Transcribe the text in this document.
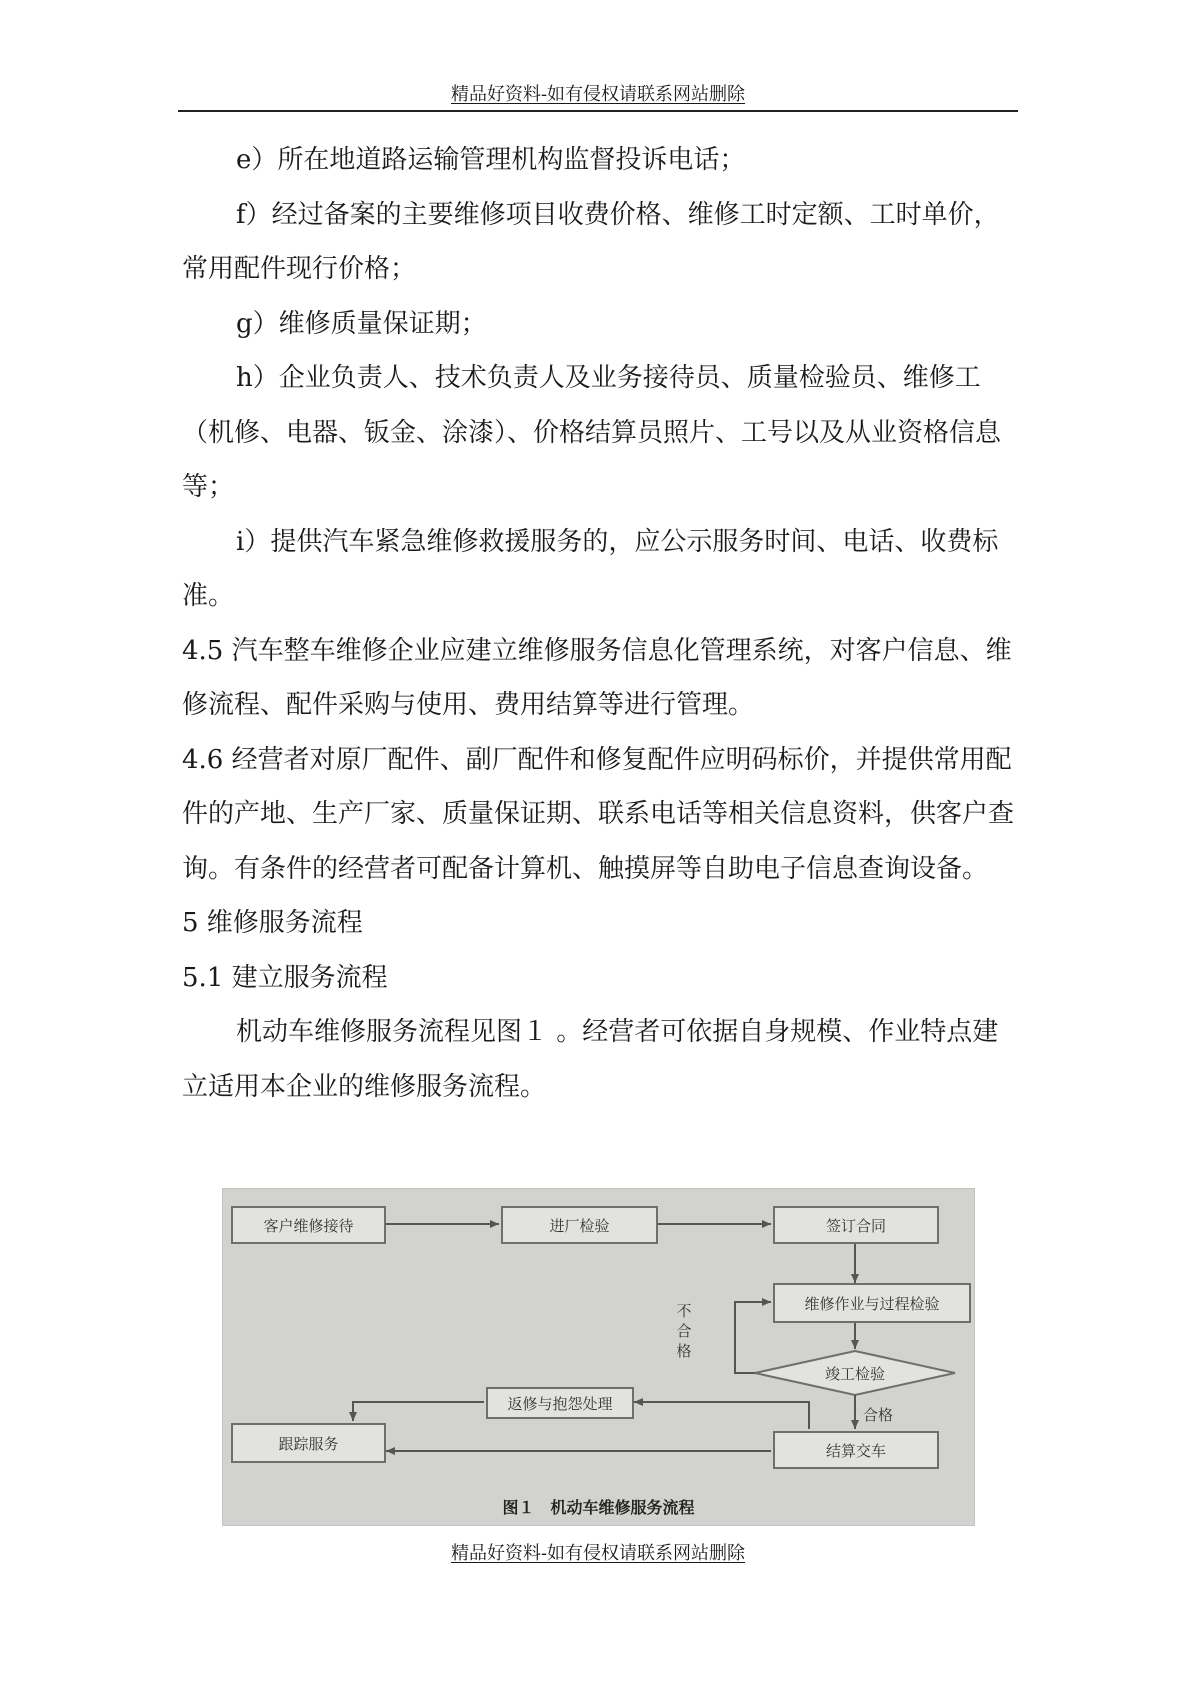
精品好资料-如有侵权请联系网站删除

e）所在地道路运输管理机构监督投诉电话；

f）经过备案的主要维修项目收费价格、维修工时定额、工时单价，常用配件现行价格；

g）维修质量保证期；

h）企业负责人、技术负责人及业务接待员、质量检验员、维修工（机修、电器、钣金、涂漆）、价格结算员照片、工号以及从业资格信息等；

i）提供汽车紧急维修救援服务的，应公示服务时间、电话、收费标准。

4.5 汽车整车维修企业应建立维修服务信息化管理系统，对客户信息、维修流程、配件采购与使用、费用结算等进行管理。

4.6 经营者对原厂配件、副厂配件和修复配件应明码标价，并提供常用配件的产地、生产厂家、质量保证期、联系电话等相关信息资料，供客户查询。有条件的经营者可配备计算机、触摸屏等自助电子信息查询设备。

5 维修服务流程

5.1 建立服务流程

机动车维修服务流程见图１ 。经营者可依据自身规模、作业特点建立适用本企业的维修服务流程。

客户维修接待	进厂检验	签订合同
维修作业与过程检验
竣工检验
结算交车
返修与抱怨处理
跟踪服务
不合格
合格
图１　机动车维修服务流程
精品好资料-如有侵权请联系网站删除
